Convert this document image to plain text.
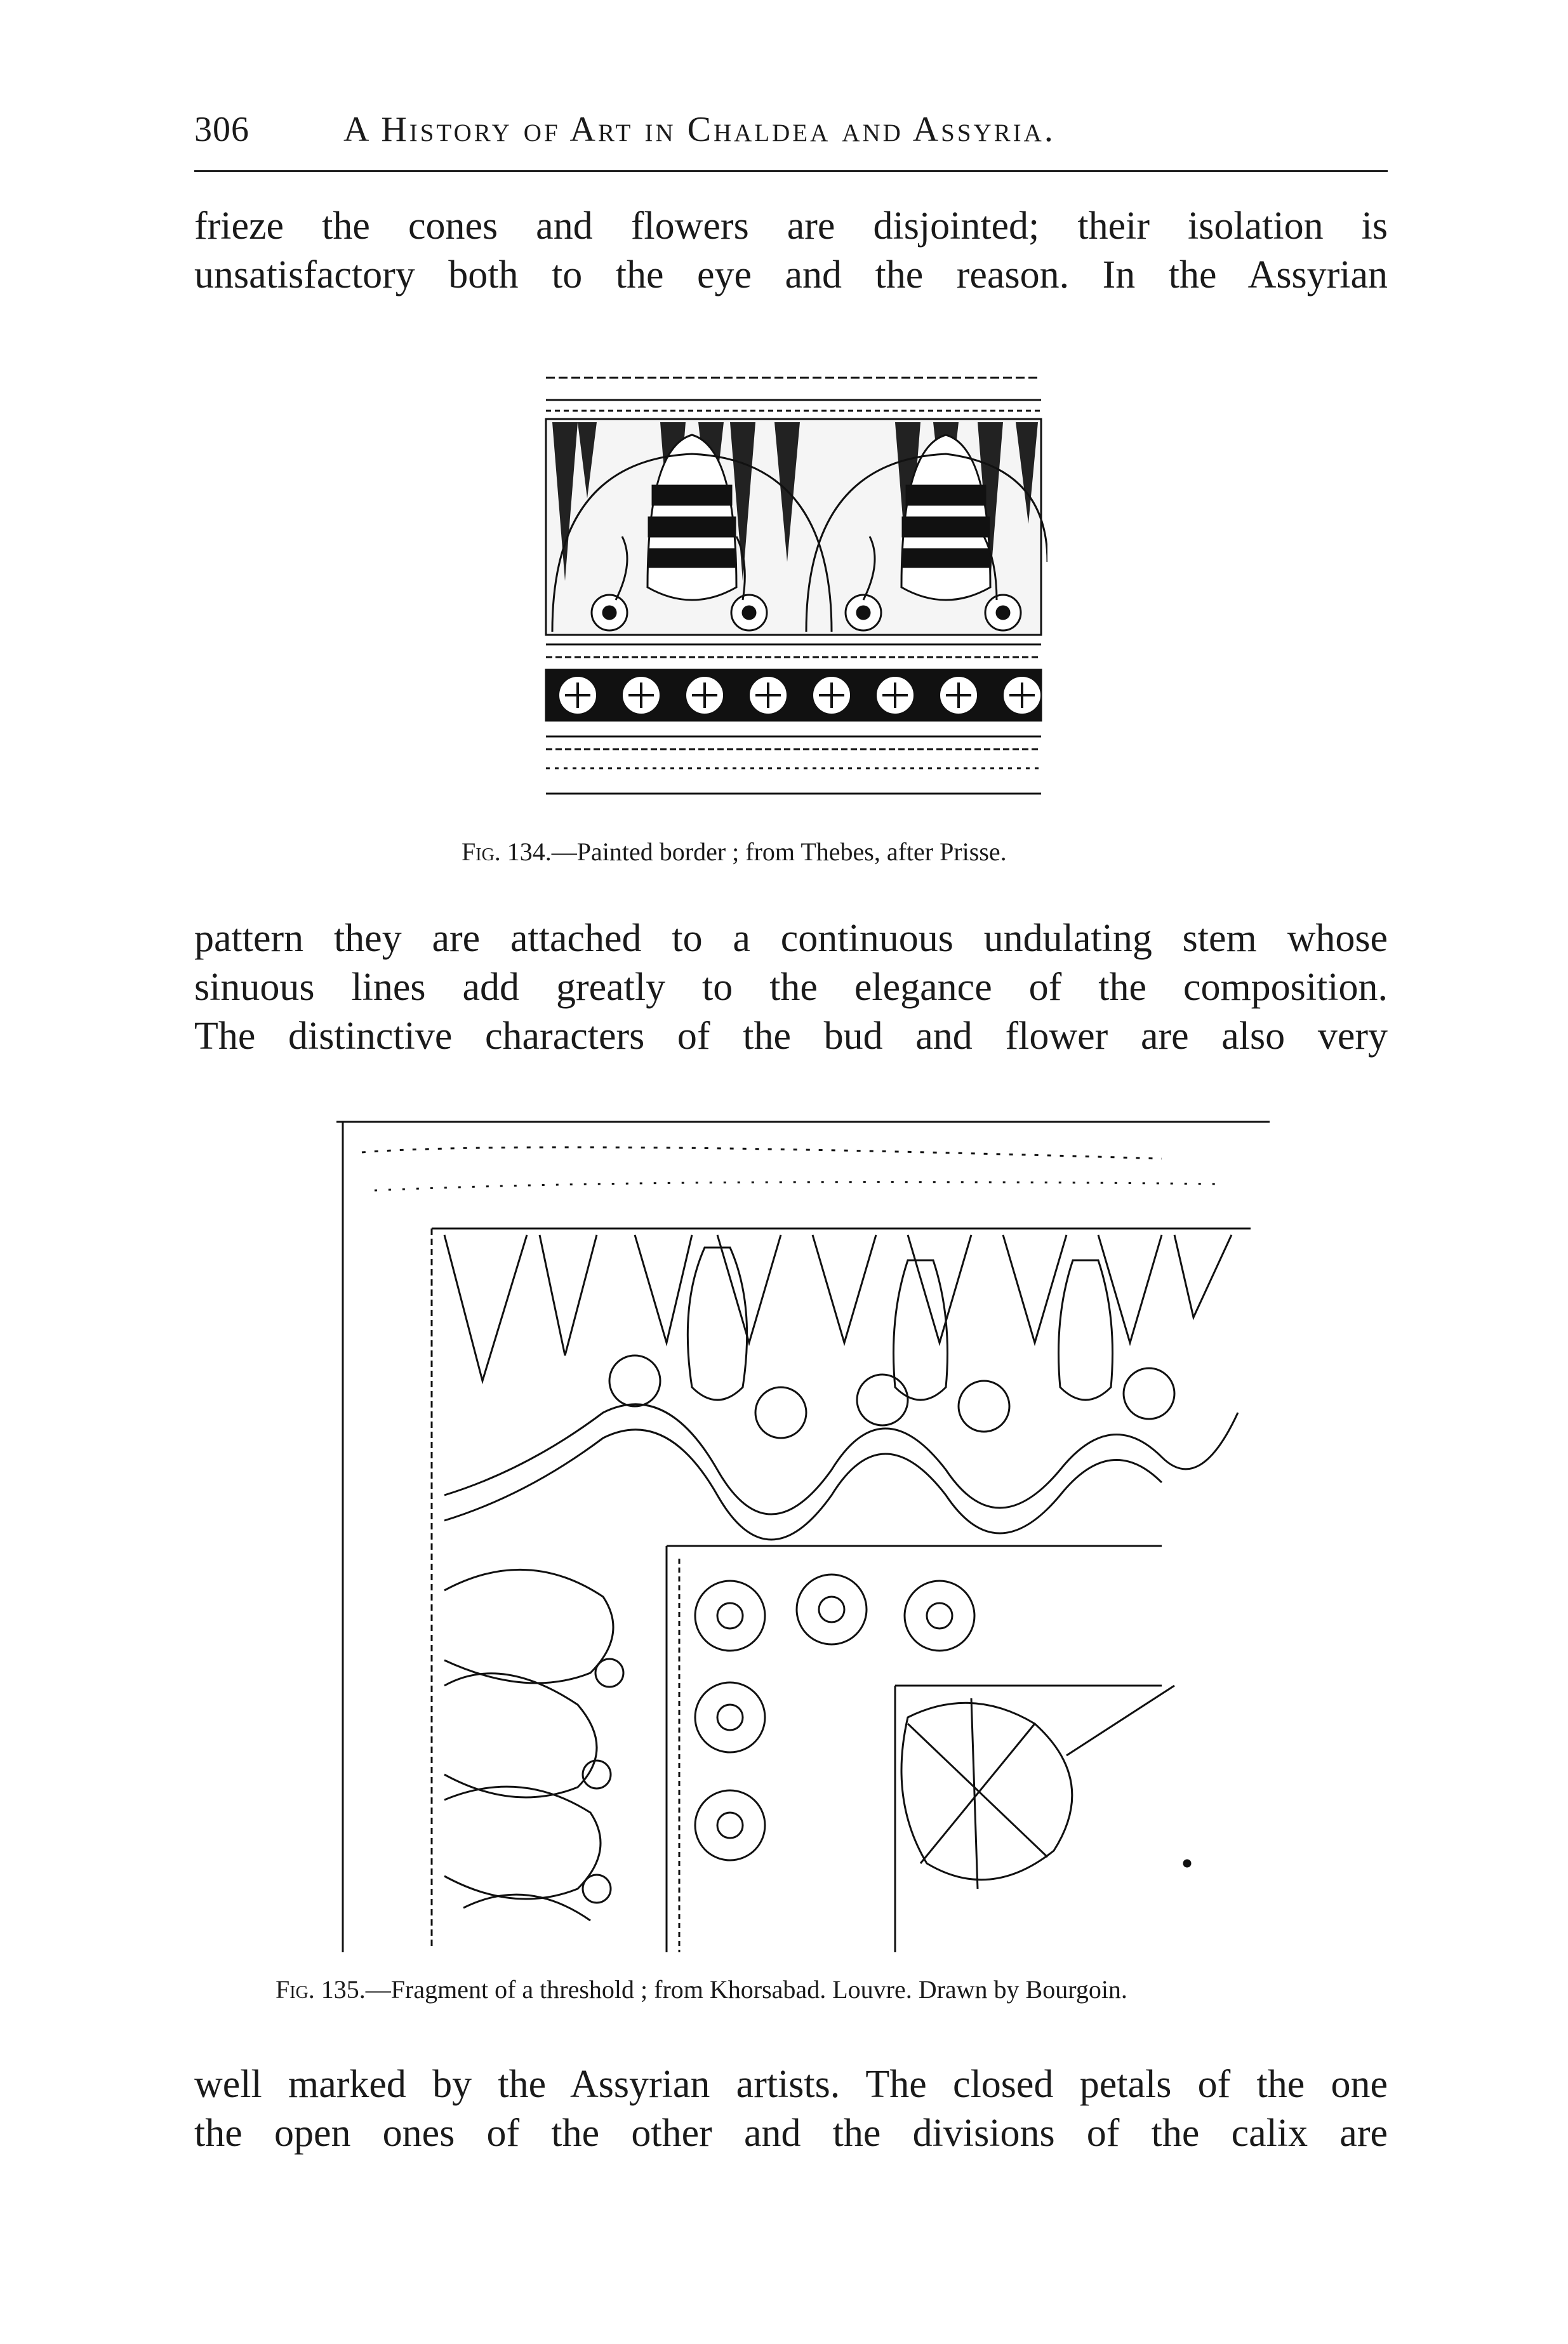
306	A History of Art in Chaldea and Assyria.
frieze the cones and flowers are disjointed; their isolation is
unsatisfactory both to the eye and the reason. In the Assyrian
Fig. 134.—Painted border ; from Thebes, after Prisse.
pattern they are attached to a continuous undulating stem whose
sinuous lines add greatly to the elegance of the composition.
The distinctive characters of the bud and flower are also very
Fig. 135.—Fragment of a threshold ; from Khorsabad. Louvre. Drawn by Bourgoin.
well marked by the Assyrian artists. The closed petals of the one
the open ones of the other and the divisions of the calix are
